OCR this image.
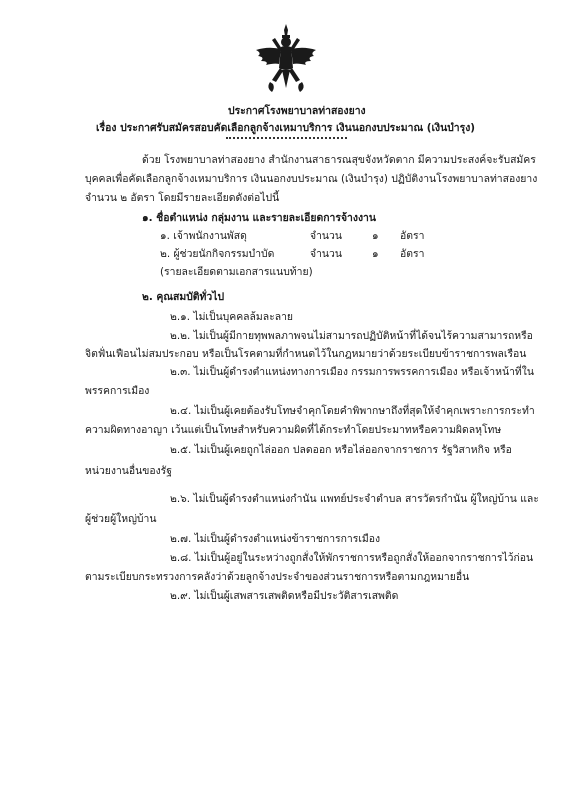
ประกาศโรงพยาบาลท่าสองยาง
เรื่อง ประกาศรับสมัครสอบคัดเลือกลูกจ้างเหมาบริการ เงินนอกงบประมาณ (เงินบำรุง)
ด้วย โรงพยาบาลท่าสองยาง สำนักงานสาธารณสุขจังหวัดตาก มีความประสงค์จะรับสมัคร
บุคคลเพื่อคัดเลือกลูกจ้างเหมาบริการ เงินนอกงบประมาณ (เงินบำรุง) ปฏิบัติงานโรงพยาบาลท่าสองยาง
จำนวน ๒ อัตรา โดยมีรายละเอียดดังต่อไปนี้
๑. ชื่อตำแหน่ง กลุ่มงาน และรายละเอียดการจ้างงาน
๑. เจ้าพนักงานพัสดุ	จำนวน	๑ อัตรา
๒. ผู้ช่วยนักกิจกรรมบำบัด	จำนวน	๑ อัตรา
(รายละเอียดตามเอกสารแนบท้าย)
๒. คุณสมบัติทั่วไป
๒.๑. ไม่เป็นบุคคลล้มละลาย
๒.๒. ไม่เป็นผู้มีกายทุพพลภาพจนไม่สามารถปฏิบัติหน้าที่ได้จนไร้ความสามารถหรือ
จิตฟั่นเฟือนไม่สมประกอบ หรือเป็นโรคตามที่กำหนดไว้ในกฎหมายว่าด้วยระเบียบข้าราชการพลเรือน
๒.๓. ไม่เป็นผู้ดำรงตำแหน่งทางการเมือง กรรมการพรรคการเมือง หรือเจ้าหน้าที่ใน
พรรคการเมือง
๒.๔. ไม่เป็นผู้เคยต้องรับโทษจำคุกโดยคำพิพากษาถึงที่สุดให้จำคุกเพราะการกระทำ
ความผิดทางอาญา เว้นแต่เป็นโทษสำหรับความผิดที่ได้กระทำโดยประมาทหรือความผิดลหุโทษ
๒.๕. ไม่เป็นผู้เคยถูกไล่ออก ปลดออก หรือไล่ออกจากราชการ รัฐวิสาหกิจ หรือ
หน่วยงานอื่นของรัฐ
๒.๖. ไม่เป็นผู้ดำรงตำแหน่งกำนัน แพทย์ประจำตำบล สารวัตรกำนัน ผู้ใหญ่บ้าน และ
ผู้ช่วยผู้ใหญ่บ้าน
๒.๗. ไม่เป็นผู้ดำรงตำแหน่งข้าราชการการเมือง
๒.๘. ไม่เป็นผู้อยู่ในระหว่างถูกสั่งให้พักราชการหรือถูกสั่งให้ออกจากราชการไว้ก่อน
ตามระเบียบกระทรวงการคลังว่าด้วยลูกจ้างประจำของส่วนราชการหรือตามกฎหมายอื่น
๒.๙. ไม่เป็นผู้เสพสารเสพติดหรือมีประวัติสารเสพติด
